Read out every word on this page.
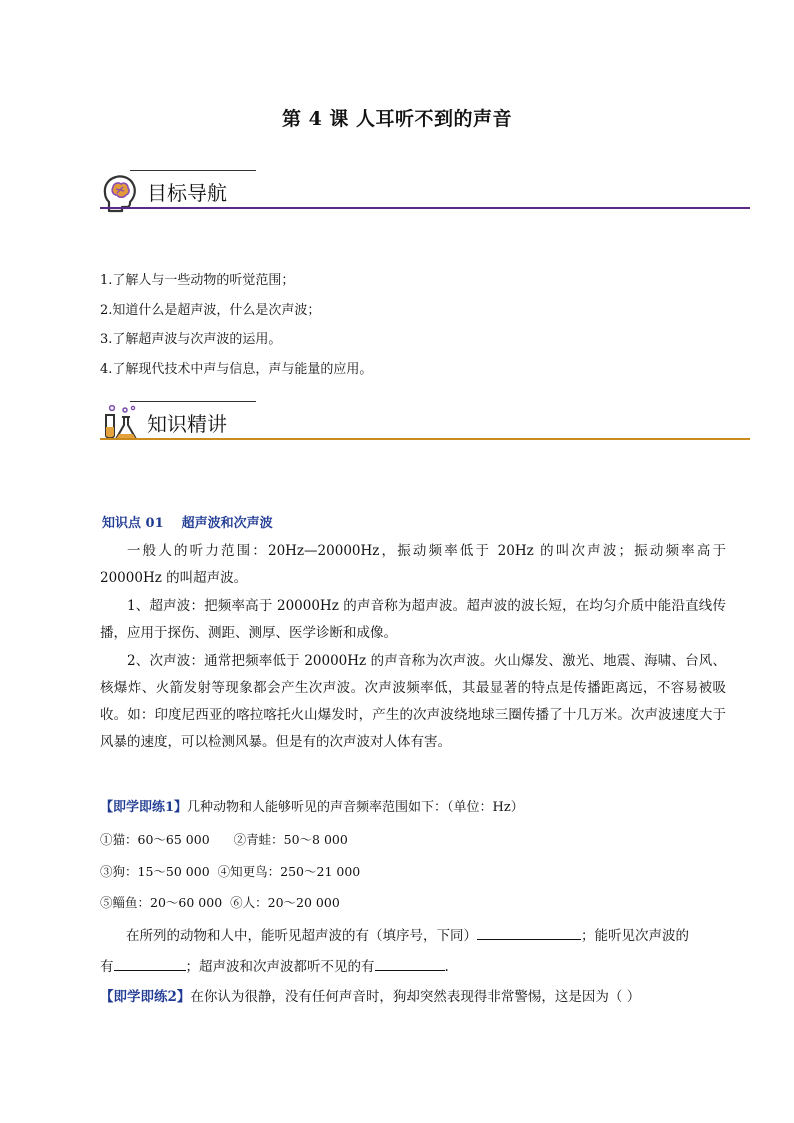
第 4 课 人耳听不到的声音
目标导航
1.了解人与一些动物的听觉范围；
2.知道什么是超声波，什么是次声波；
3.了解超声波与次声波的运用。
4.了解现代技术中声与信息，声与能量的应用。
知识精讲
知识点 01 超声波和次声波

一般人的听力范围：20Hz—20000Hz，振动频率低于 20Hz 的叫次声波；振动频率高于 20000Hz 的叫超声波。

1、超声波：把频率高于 20000Hz 的声音称为超声波。超声波的波长短，在均匀介质中能沿直线传播，应用于探伤、测距、测厚、医学诊断和成像。

2、次声波：通常把频率低于 20000Hz 的声音称为次声波。火山爆发、激光、地震、海啸、台风、核爆炸、火箭发射等现象都会产生次声波。次声波频率低，其最显著的特点是传播距离远，不容易被吸收。如：印度尼西亚的喀拉喀托火山爆发时，产生的次声波绕地球三圈传播了十几万米。次声波速度大于风暴的速度，可以检测风暴。但是有的次声波对人体有害。

【即学即练1】几种动物和人能够听见的声音频率范围如下：（单位：Hz）
①猫：60～65 000 ②青蛙：50～8 000
③狗：15～50 000 ④知更鸟：250～21 000
⑤鲻鱼：20～60 000 ⑥人：20～20 000
在所列的动物和人中，能听见超声波的有（填序号，下同）	；能听见次声波的
有	；超声波和次声波都听不见的有	.
【即学即练2】在你认为很静，没有任何声音时，狗却突然表现得非常警惕，这是因为（ ）
